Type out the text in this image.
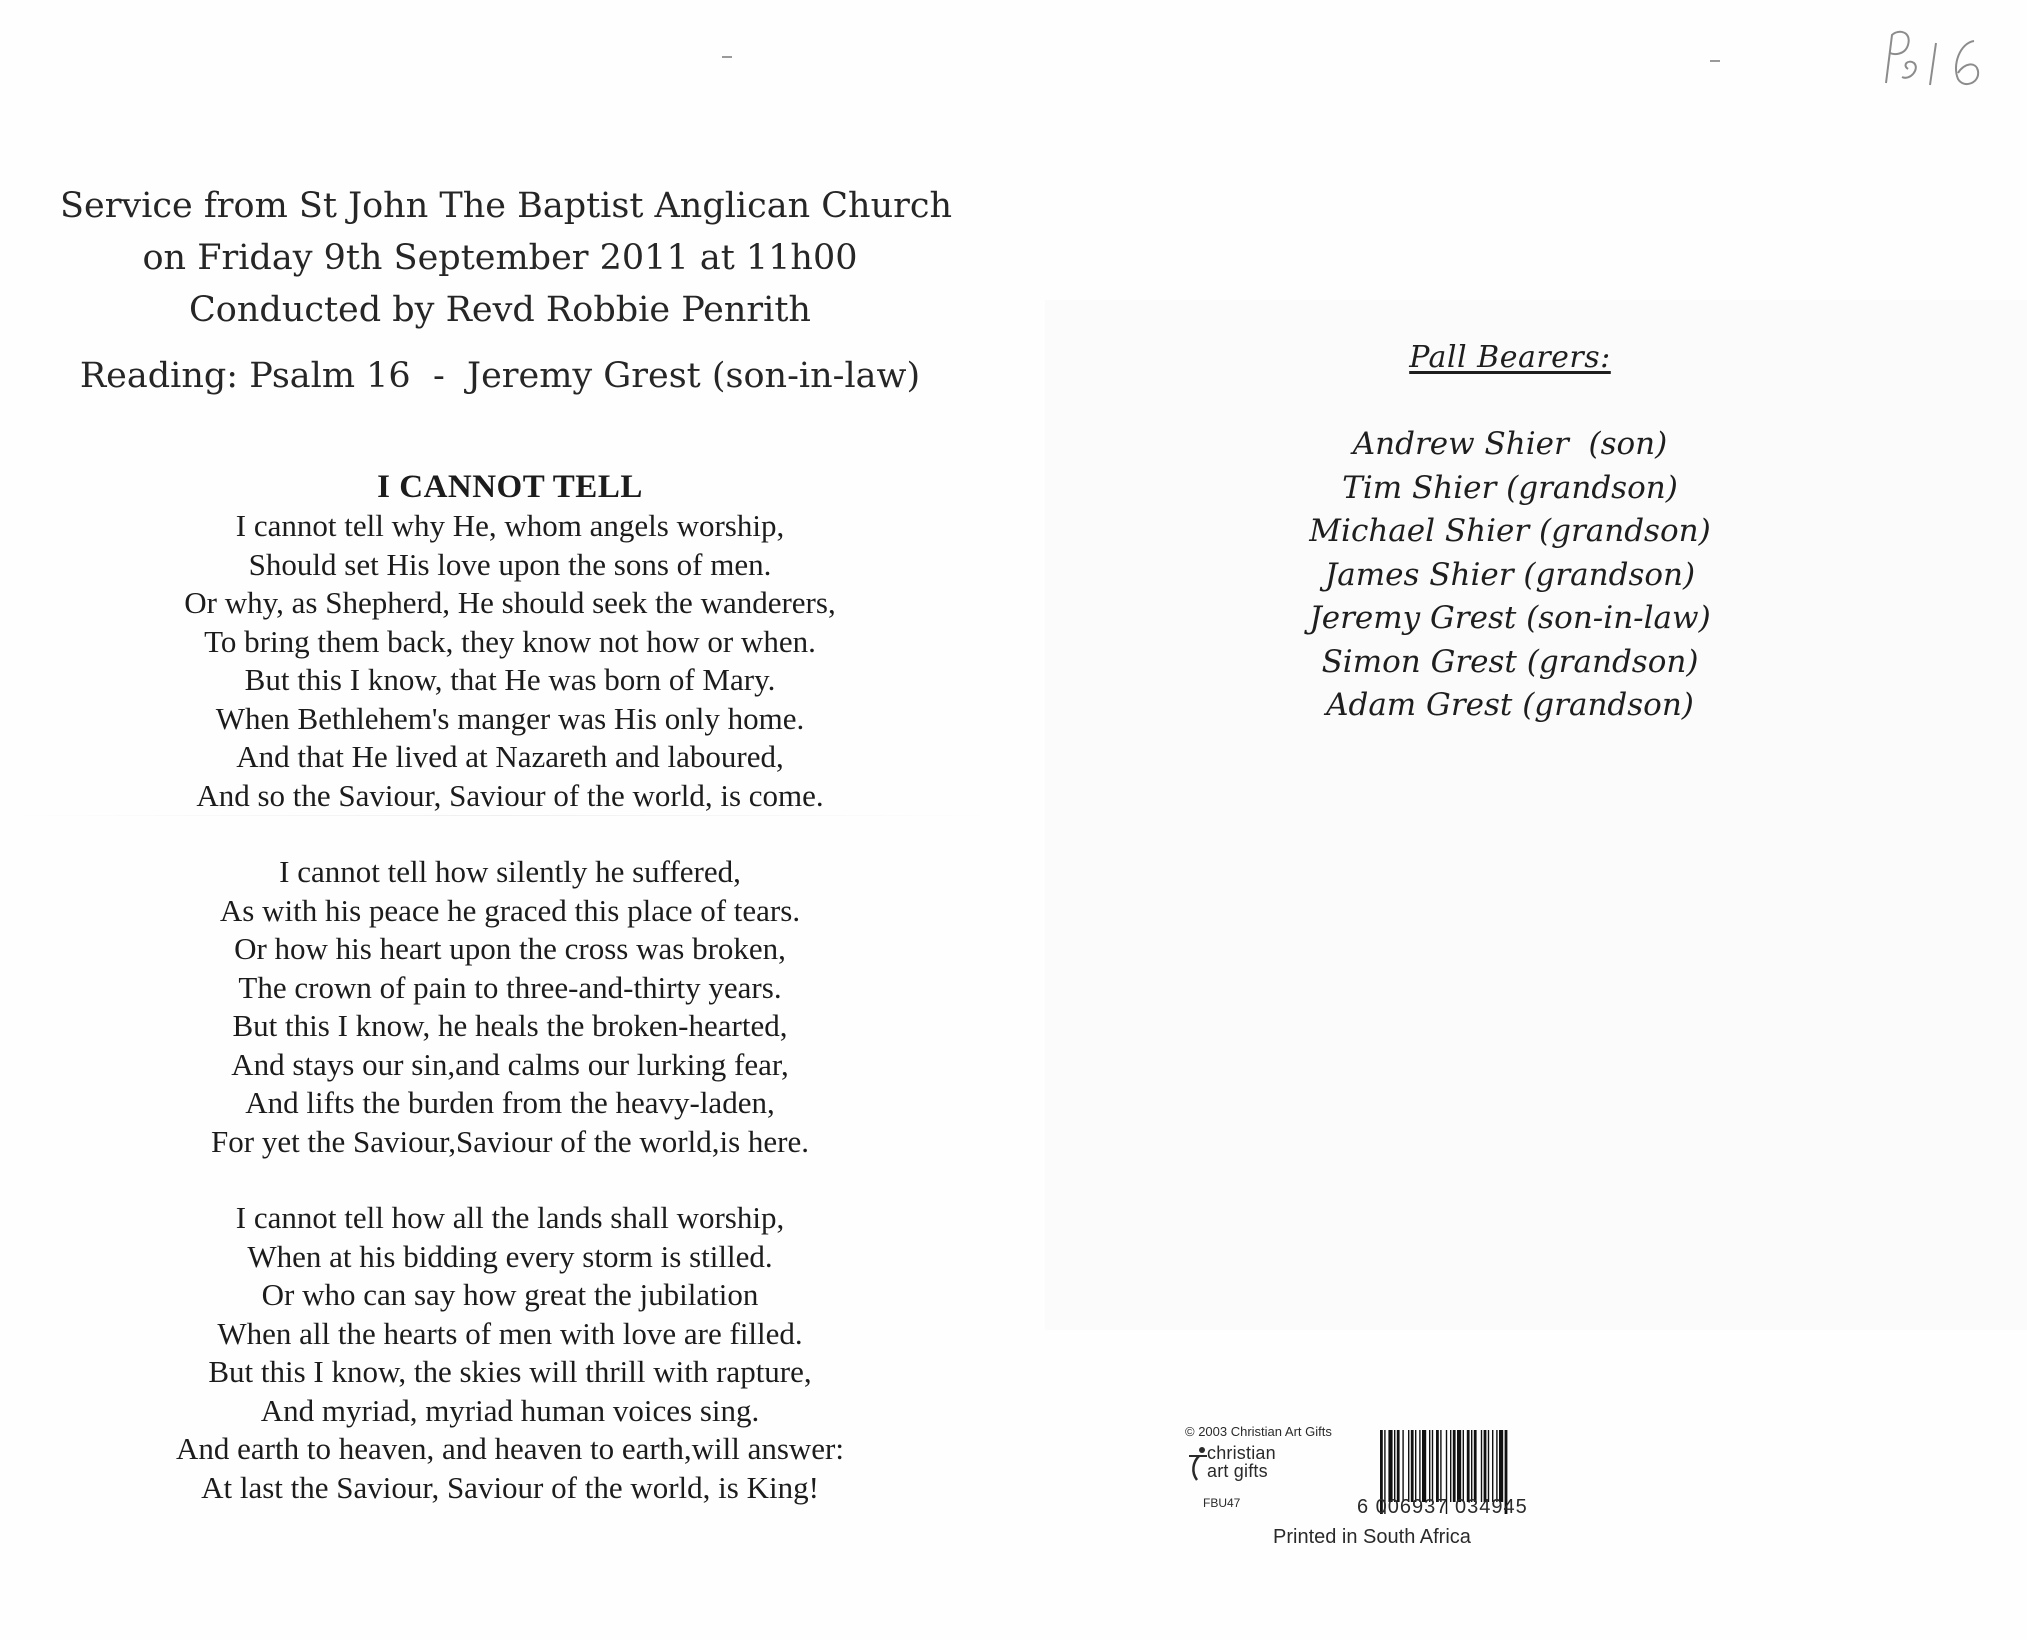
Service from St John The Baptist Anglican Church
on Friday 9th September 2011 at 11h00
Conducted by Revd Robbie Penrith
Reading: Psalm 16  -  Jeremy Grest (son-in-law)
I CANNOT TELL
I cannot tell why He, whom angels worship,
Should set His love upon the sons of men.
Or why, as Shepherd, He should seek the wanderers,
To bring them back, they know not how or when.
But this I know, that He was born of Mary.
When Bethlehem's manger was His only home.
And that He lived at Nazareth and laboured,
And so the Saviour, Saviour of the world, is come.
I cannot tell how silently he suffered,
As with his peace he graced this place of tears.
Or how his heart upon the cross was broken,
The crown of pain to three-and-thirty years.
But this I know, he heals the broken-hearted,
And stays our sin,and calms our lurking fear,
And lifts the burden from the heavy-laden,
For yet the Saviour,Saviour of the world,is here.
I cannot tell how all the lands shall worship,
When at his bidding every storm is stilled.
Or who can say how great the jubilation
When all the hearts of men with love are filled.
But this I know, the skies will thrill with rapture,
And myriad, myriad human voices sing.
And earth to heaven, and heaven to earth,will answer:
At last the Saviour, Saviour of the world, is King!
Pall Bearers:
Andrew Shier  (son)
Tim Shier (grandson)
Michael Shier (grandson)
James Shier (grandson)
Jeremy Grest (son-in-law)
Simon Grest (grandson)
Adam Grest (grandson)
© 2003 Christian Art Gifts
christian
art gifts
FBU47	6 006937 034945
Printed in South Africa
